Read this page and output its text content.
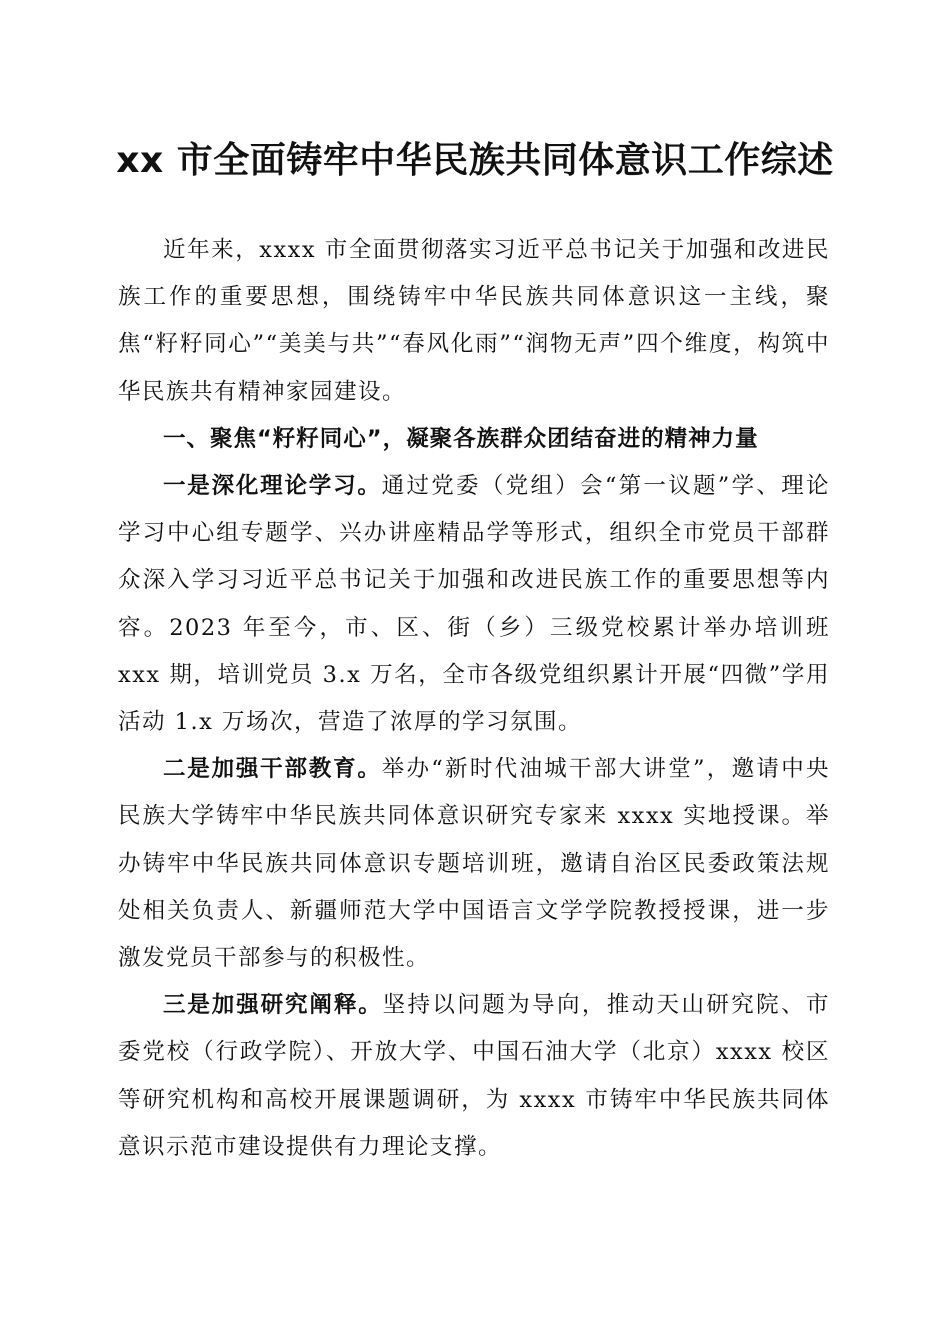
xx 市全面铸牢中华民族共同体意识工作综述

近年来，xxxx 市全面贯彻落实习近平总书记关于加强和改进民族工作的重要思想，围绕铸牢中华民族共同体意识这一主线，聚焦“籽籽同心”“美美与共”“春风化雨”“润物无声”四个维度，构筑中华民族共有精神家园建设。

一、聚焦“籽籽同心”，凝聚各族群众团结奋进的精神力量

一是深化理论学习。通过党委（党组）会“第一议题”学、理论学习中心组专题学、兴办讲座精品学等形式，组织全市党员干部群众深入学习习近平总书记关于加强和改进民族工作的重要思想等内容。2023 年至今，市、区、街（乡）三级党校累计举办培训班 xxx 期，培训党员 3.x 万名，全市各级党组织累计开展“四微”学用活动 1.x 万场次，营造了浓厚的学习氛围。

二是加强干部教育。举办“新时代油城干部大讲堂”，邀请中央民族大学铸牢中华民族共同体意识研究专家来 xxxx 实地授课。举办铸牢中华民族共同体意识专题培训班，邀请自治区民委政策法规处相关负责人、新疆师范大学中国语言文学学院教授授课，进一步激发党员干部参与的积极性。

三是加强研究阐释。坚持以问题为导向，推动天山研究院、市委党校（行政学院）、开放大学、中国石油大学（北京）xxxx 校区等研究机构和高校开展课题调研，为 xxxx 市铸牢中华民族共同体意识示范市建设提供有力理论支撑。
